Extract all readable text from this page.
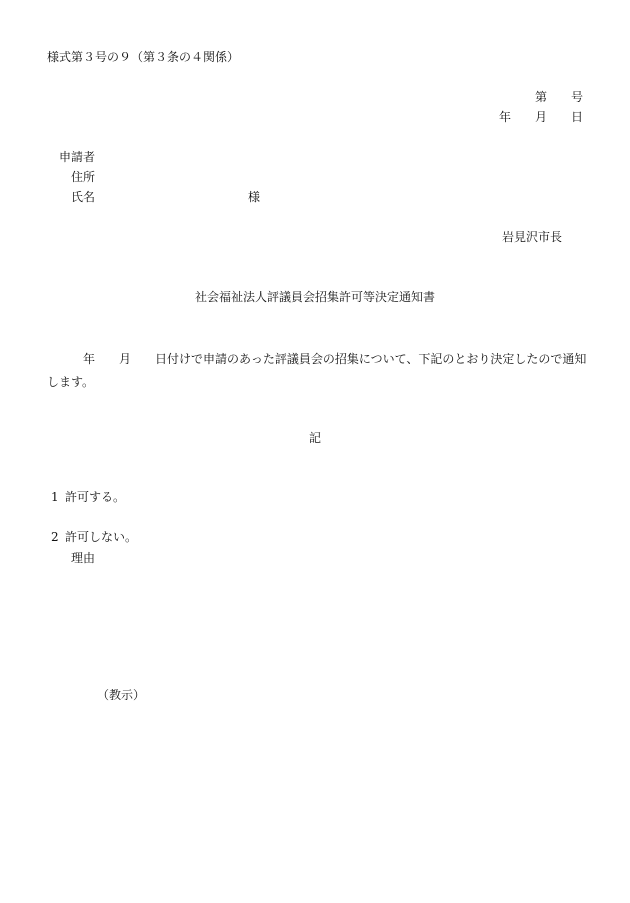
様式第３号の９（第３条の４関係）
第　　号
年　　月　　日
申請者
住所
氏名	様
岩見沢市長
社会福祉法人評議員会招集許可等決定通知書
　　　年　　月　　日付けで申請のあった評議員会の招集について、下記のとおり決定したので通知します。
記
1 許可する。
2 許可しない。
理由
（教示）
